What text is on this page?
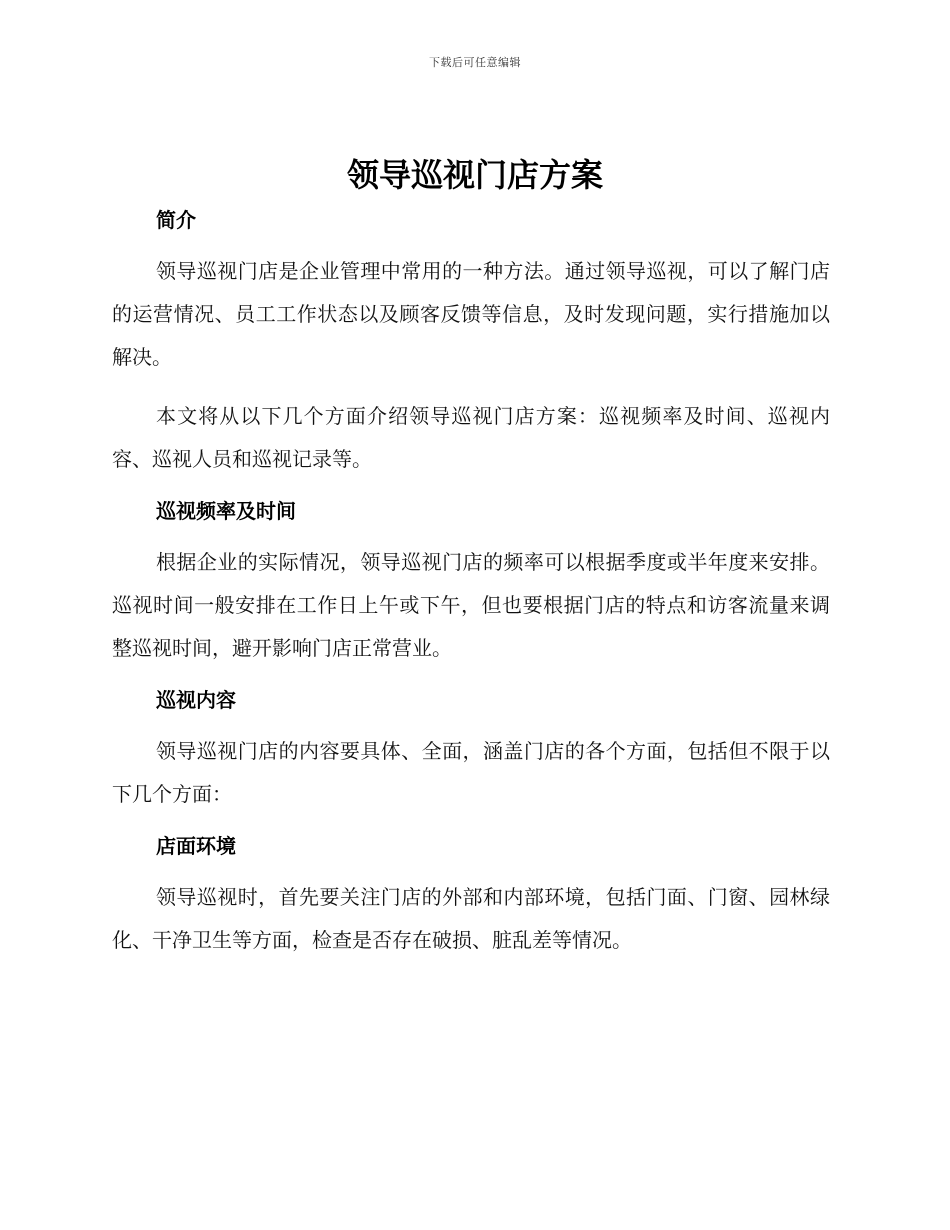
下载后可任意编辑
领导巡视门店方案
简介

领导巡视门店是企业管理中常用的一种方法。通过领导巡视，可以了解门店的运营情况、员工工作状态以及顾客反馈等信息，及时发现问题，实行措施加以解决。

本文将从以下几个方面介绍领导巡视门店方案：巡视频率及时间、巡视内容、巡视人员和巡视记录等。

巡视频率及时间

根据企业的实际情况，领导巡视门店的频率可以根据季度或半年度来安排。巡视时间一般安排在工作日上午或下午，但也要根据门店的特点和访客流量来调整巡视时间，避开影响门店正常营业。

巡视内容

领导巡视门店的内容要具体、全面，涵盖门店的各个方面，包括但不限于以下几个方面：

店面环境

领导巡视时，首先要关注门店的外部和内部环境，包括门面、门窗、园林绿化、干净卫生等方面，检查是否存在破损、脏乱差等情况。
